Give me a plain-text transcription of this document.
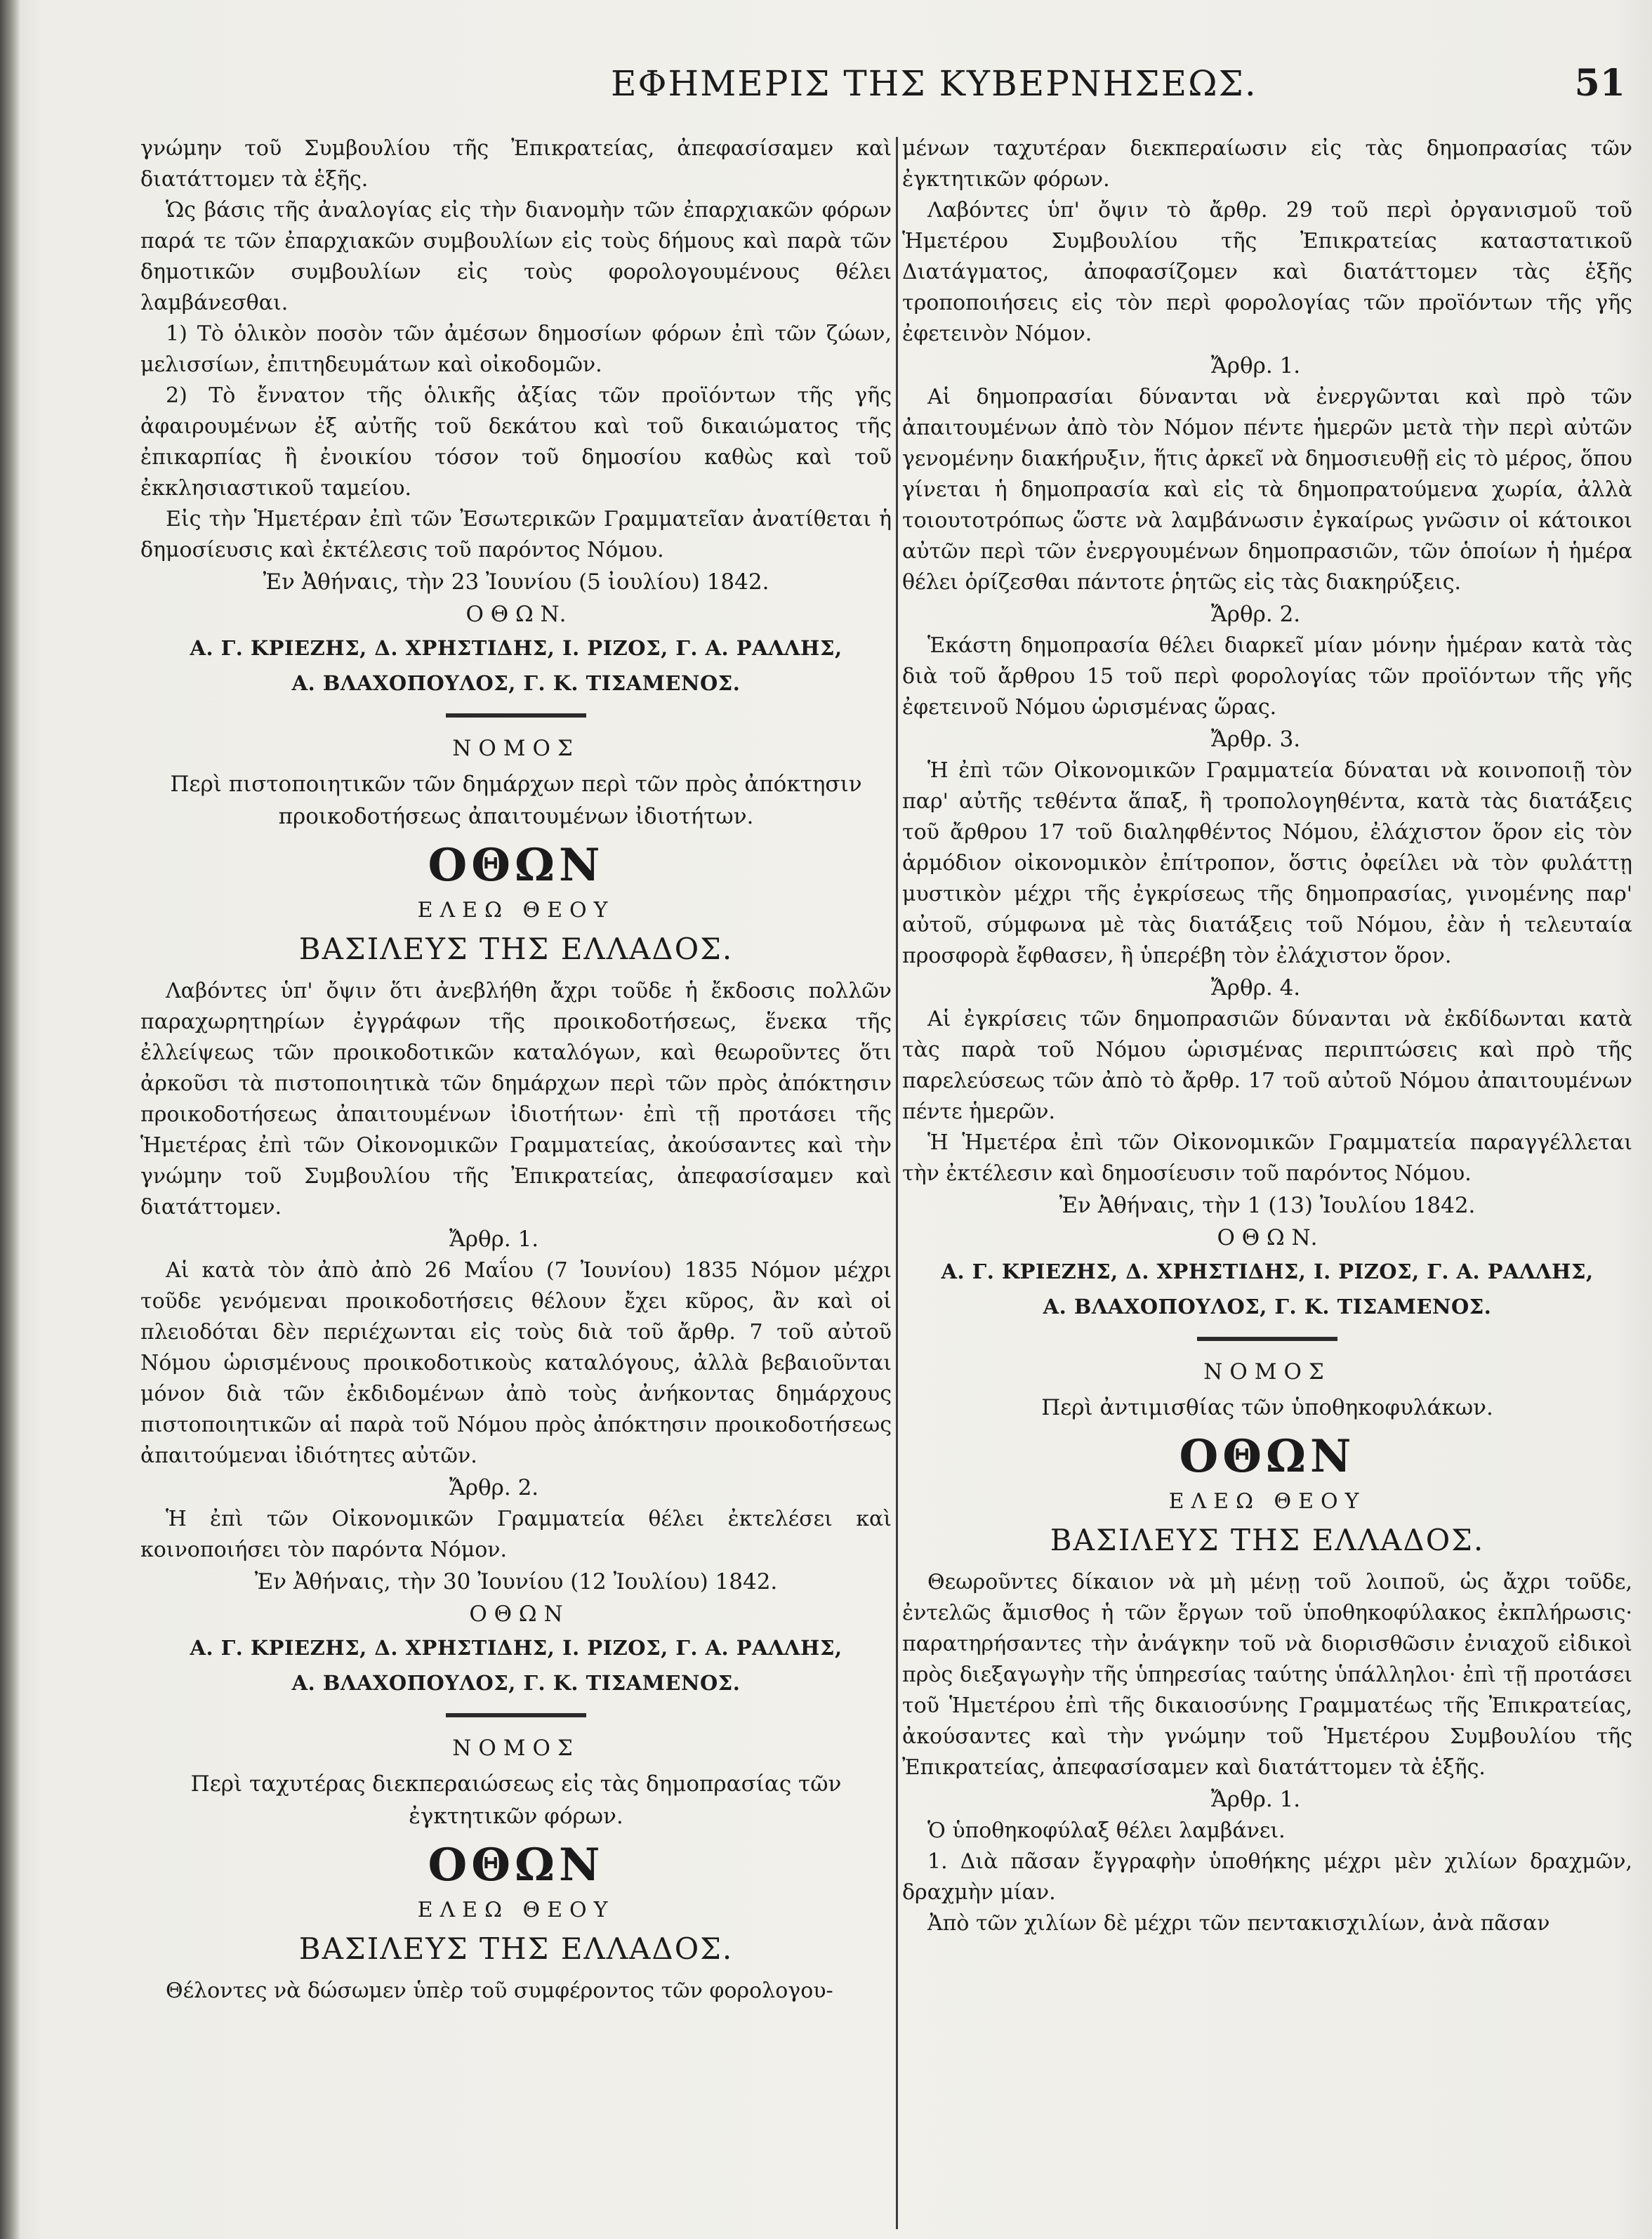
ΕΦΗΜΕΡΙΣ ΤΗΣ ΚΥΒΕΡΝΗΣΕΩΣ.	51

γνώμην τοῦ Συμβουλίου τῆς Ἐπικρατείας, ἀπεφασίσαμεν καὶ διατάττομεν τὰ ἑξῆς.

Ὡς βάσις τῆς ἀναλογίας εἰς τὴν διανομὴν τῶν ἐπαρχιακῶν φόρων παρά τε τῶν ἐπαρχιακῶν συμβουλίων εἰς τοὺς δήμους καὶ παρὰ τῶν δημοτικῶν συμβουλίων εἰς τοὺς φορολογουμένους θέλει λαμβάνεσθαι.

1) Τὸ ὁλικὸν ποσὸν τῶν ἀμέσων δημοσίων φόρων ἐπὶ τῶν ζώων, μελισσίων, ἐπιτηδευμάτων καὶ οἰκοδομῶν.

2) Τὸ ἔννατον τῆς ὁλικῆς ἀξίας τῶν προϊόντων τῆς γῆς ἀφαιρουμένων ἐξ αὐτῆς τοῦ δεκάτου καὶ τοῦ δικαιώματος τῆς ἐπικαρπίας ἢ ἐνοικίου τόσον τοῦ δημοσίου καθὼς καὶ τοῦ ἐκκλησιαστικοῦ ταμείου.

Εἰς τὴν Ἡμετέραν ἐπὶ τῶν Ἐσωτερικῶν Γραμματεῖαν ἀνατίθεται ἡ δημοσίευσις καὶ ἐκτέλεσις τοῦ παρόντος Νόμου.

Ἐν Ἀθήναις, τὴν 23 Ἰουνίου (5 ἰουλίου) 1842.

Ο Θ Ω Ν.

Α. Γ. ΚΡΙΕΖΗΣ, Δ. ΧΡΗΣΤΙΔΗΣ, Ι. ΡΙΖΟΣ, Γ. Α. ΡΑΛΛΗΣ,

Α. ΒΛΑΧΟΠΟΥΛΟΣ, Γ. Κ. ΤΙΣΑΜΕΝΟΣ.

ΝΟΜΟΣ

Περὶ πιστοποιητικῶν τῶν δημάρχων περὶ τῶν πρὸς ἀπόκτησιν προικοδοτήσεως ἀπαιτουμένων ἰδιοτήτων.

ΟΘΩΝ

ΕΛΕΩ ΘΕΟΥ

ΒΑΣΙΛΕΥΣ ΤΗΣ ΕΛΛΑΔΟΣ.

Λαβόντες ὑπ' ὄψιν ὅτι ἀνεβλήθη ἄχρι τοῦδε ἡ ἔκδοσις πολλῶν παραχωρητηρίων ἐγγράφων τῆς προικοδοτήσεως, ἕνεκα τῆς ἐλλείψεως τῶν προικοδοτικῶν καταλόγων, καὶ θεωροῦντες ὅτι ἀρκοῦσι τὰ πιστοποιητικὰ τῶν δημάρχων περὶ τῶν πρὸς ἀπόκτησιν προικοδοτήσεως ἀπαιτουμένων ἰδιοτήτων· ἐπὶ τῇ προτάσει τῆς Ἡμετέρας ἐπὶ τῶν Οἰκονομικῶν Γραμματείας, ἀκούσαντες καὶ τὴν γνώμην τοῦ Συμβουλίου τῆς Ἐπικρατείας, ἀπεφασίσαμεν καὶ διατάττομεν.

Ἄρθρ. 1.

Αἱ κατὰ τὸν ἀπὸ ἀπὸ 26 Μαΐου (7 Ἰουνίου) 1835 Νόμον μέχρι τοῦδε γενόμεναι προικοδοτήσεις θέλουν ἔχει κῦρος, ἂν καὶ οἱ πλειοδόται δὲν περιέχωνται εἰς τοὺς διὰ τοῦ ἄρθρ. 7 τοῦ αὐτοῦ Νόμου ὡρισμένους προικοδοτικοὺς καταλόγους, ἀλλὰ βεβαιοῦνται μόνον διὰ τῶν ἐκδιδομένων ἀπὸ τοὺς ἀνήκοντας δημάρχους πιστοποιητικῶν αἱ παρὰ τοῦ Νόμου πρὸς ἀπόκτησιν προικοδοτήσεως ἀπαιτούμεναι ἰδιότητες αὐτῶν.

Ἄρθρ. 2.

Ἡ ἐπὶ τῶν Οἰκονομικῶν Γραμματεία θέλει ἐκτελέσει καὶ κοινοποιήσει τὸν παρόντα Νόμον.

Ἐν Ἀθήναις, τὴν 30 Ἰουνίου (12 Ἰουλίου) 1842.

Ο Θ Ω Ν

Α. Γ. ΚΡΙΕΖΗΣ, Δ. ΧΡΗΣΤΙΔΗΣ, Ι. ΡΙΖΟΣ, Γ. Α. ΡΑΛΛΗΣ,

Α. ΒΛΑΧΟΠΟΥΛΟΣ, Γ. Κ. ΤΙΣΑΜΕΝΟΣ.

ΝΟΜΟΣ

Περὶ ταχυτέρας διεκπεραιώσεως εἰς τὰς δημοπρασίας τῶν ἐγκτητικῶν φόρων.

ΟΘΩΝ

ΕΛΕΩ ΘΕΟΥ

ΒΑΣΙΛΕΥΣ ΤΗΣ ΕΛΛΑΔΟΣ.

Θέλοντες νὰ δώσωμεν ὑπὲρ τοῦ συμφέροντος τῶν φορολογου-

μένων ταχυτέραν διεκπεραίωσιν εἰς τὰς δημοπρασίας τῶν ἐγκτητικῶν φόρων.

Λαβόντες ὑπ' ὄψιν τὸ ἄρθρ. 29 τοῦ περὶ ὀργανισμοῦ τοῦ Ἡμετέρου Συμβουλίου τῆς Ἐπικρατείας καταστατικοῦ Διατάγματος, ἀποφασίζομεν καὶ διατάττομεν τὰς ἑξῆς τροποποιήσεις εἰς τὸν περὶ φορολογίας τῶν προϊόντων τῆς γῆς ἐφετεινὸν Νόμον.

Ἄρθρ. 1.

Αἱ δημοπρασίαι δύνανται νὰ ἐνεργῶνται καὶ πρὸ τῶν ἀπαιτουμένων ἀπὸ τὸν Νόμον πέντε ἡμερῶν μετὰ τὴν περὶ αὐτῶν γενομένην διακήρυξιν, ἥτις ἀρκεῖ νὰ δημοσιευθῇ εἰς τὸ μέρος, ὅπου γίνεται ἡ δημοπρασία καὶ εἰς τὰ δημοπρατούμενα χωρία, ἀλλὰ τοιουτοτρόπως ὥστε νὰ λαμβάνωσιν ἐγκαίρως γνῶσιν οἱ κάτοικοι αὐτῶν περὶ τῶν ἐνεργουμένων δημοπρασιῶν, τῶν ὁποίων ἡ ἡμέρα θέλει ὁρίζεσθαι πάντοτε ῥητῶς εἰς τὰς διακηρύξεις.

Ἄρθρ. 2.

Ἑκάστη δημοπρασία θέλει διαρκεῖ μίαν μόνην ἡμέραν κατὰ τὰς διὰ τοῦ ἄρθρου 15 τοῦ περὶ φορολογίας τῶν προϊόντων τῆς γῆς ἐφετεινοῦ Νόμου ὡρισμένας ὥρας.

Ἄρθρ. 3.

Ἡ ἐπὶ τῶν Οἰκονομικῶν Γραμματεία δύναται νὰ κοινοποιῇ τὸν παρ' αὐτῆς τεθέντα ἅπαξ, ἢ τροπολογηθέντα, κατὰ τὰς διατάξεις τοῦ ἄρθρου 17 τοῦ διαληφθέντος Νόμου, ἐλάχιστον ὅρον εἰς τὸν ἁρμόδιον οἰκονομικὸν ἐπίτροπον, ὅστις ὀφείλει νὰ τὸν φυλάττῃ μυστικὸν μέχρι τῆς ἐγκρίσεως τῆς δημοπρασίας, γινομένης παρ' αὐτοῦ, σύμφωνα μὲ τὰς διατάξεις τοῦ Νόμου, ἐὰν ἡ τελευταία προσφορὰ ἔφθασεν, ἢ ὑπερέβη τὸν ἐλάχιστον ὅρον.

Ἄρθρ. 4.

Αἱ ἐγκρίσεις τῶν δημοπρασιῶν δύνανται νὰ ἐκδίδωνται κατὰ τὰς παρὰ τοῦ Νόμου ὡρισμένας περιπτώσεις καὶ πρὸ τῆς παρελεύσεως τῶν ἀπὸ τὸ ἄρθρ. 17 τοῦ αὐτοῦ Νόμου ἀπαιτουμένων πέντε ἡμερῶν.

Ἡ Ἡμετέρα ἐπὶ τῶν Οἰκονομικῶν Γραμματεία παραγγέλλεται τὴν ἐκτέλεσιν καὶ δημοσίευσιν τοῦ παρόντος Νόμου.

Ἐν Ἀθήναις, τὴν 1 (13) Ἰουλίου 1842.

Ο Θ Ω Ν.

Α. Γ. ΚΡΙΕΖΗΣ, Δ. ΧΡΗΣΤΙΔΗΣ, Ι. ΡΙΖΟΣ, Γ. Α. ΡΑΛΛΗΣ,

Α. ΒΛΑΧΟΠΟΥΛΟΣ, Γ. Κ. ΤΙΣΑΜΕΝΟΣ.

ΝΟΜΟΣ

Περὶ ἀντιμισθίας τῶν ὑποθηκοφυλάκων.

ΟΘΩΝ

ΕΛΕΩ ΘΕΟΥ

ΒΑΣΙΛΕΥΣ ΤΗΣ ΕΛΛΑΔΟΣ.

Θεωροῦντες δίκαιον νὰ μὴ μένῃ τοῦ λοιποῦ, ὡς ἄχρι τοῦδε, ἐντελῶς ἄμισθος ἡ τῶν ἔργων τοῦ ὑποθηκοφύλακος ἐκπλήρωσις· παρατηρήσαντες τὴν ἀνάγκην τοῦ νὰ διορισθῶσιν ἐνιαχοῦ εἰδικοὶ πρὸς διεξαγωγὴν τῆς ὑπηρεσίας ταύτης ὑπάλληλοι· ἐπὶ τῇ προτάσει τοῦ Ἡμετέρου ἐπὶ τῆς δικαιοσύνης Γραμματέως τῆς Ἐπικρατείας, ἀκούσαντες καὶ τὴν γνώμην τοῦ Ἡμετέρου Συμβουλίου τῆς Ἐπικρατείας, ἀπεφασίσαμεν καὶ διατάττομεν τὰ ἑξῆς.

Ἄρθρ. 1.

Ὁ ὑποθηκοφύλαξ θέλει λαμβάνει.

1. Διὰ πᾶσαν ἔγγραφὴν ὑποθήκης μέχρι μὲν χιλίων δραχμῶν, δραχμὴν μίαν.

Ἀπὸ τῶν χιλίων δὲ μέχρι τῶν πεντακισχιλίων, ἀνὰ πᾶσαν
